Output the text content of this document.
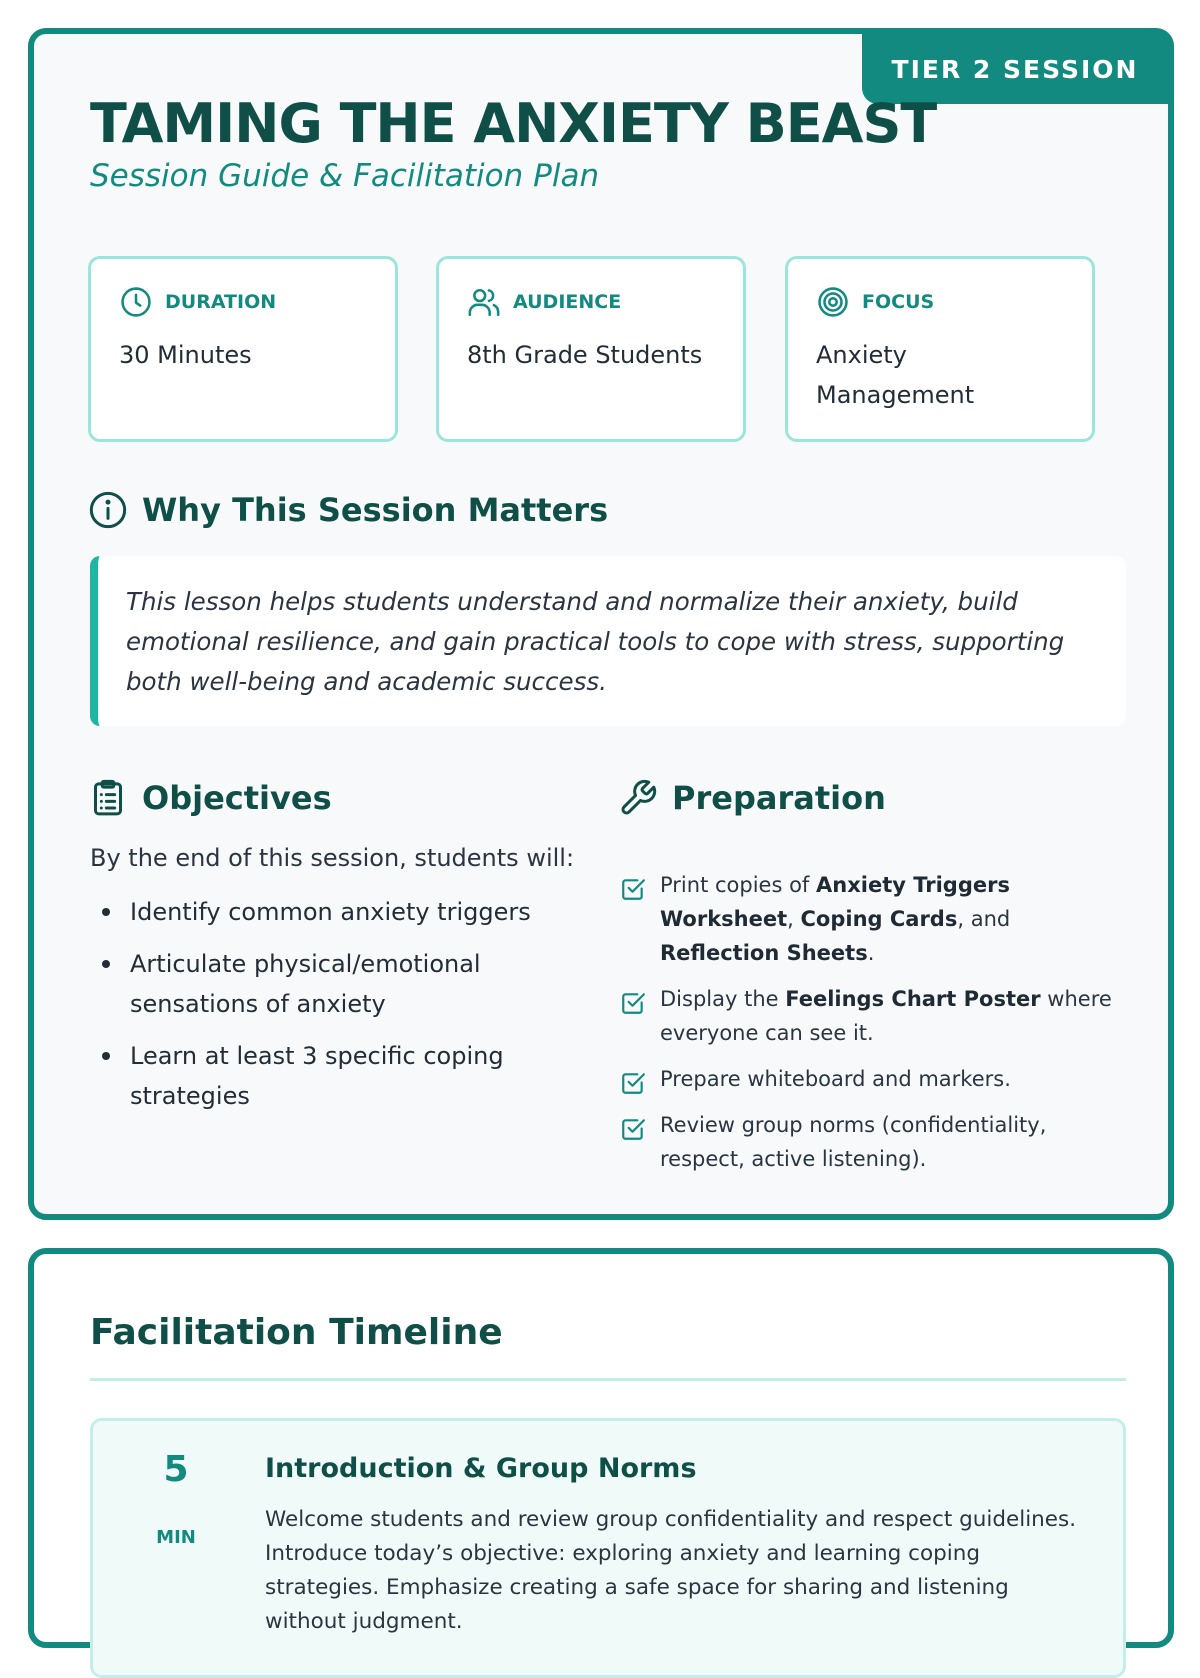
TIER 2 SESSION
TAMING THE ANXIETY BEAST
Session Guide & Facilitation Plan
DURATION
30 Minutes
AUDIENCE
8th Grade Students
FOCUS
Anxiety Management
Why This Session Matters

This lesson helps students understand and normalize their anxiety, build emotional resilience, and gain practical tools to cope with stress, supporting both well-being and academic success.

Objectives
By the end of this session, students will:
Identify common anxiety triggers
Articulate physical/emotional sensations of anxiety
Learn at least 3 specific coping strategies
Preparation
Print copies of Anxiety Triggers Worksheet, Coping Cards, and Reflection Sheets.
Display the Feelings Chart Poster where everyone can see it.
Prepare whiteboard and markers.
Review group norms (confidentiality, respect, active listening).
Facilitation Timeline
5
MIN
Introduction & Group Norms

Welcome students and review group confidentiality and respect guidelines. Introduce today’s objective: exploring anxiety and learning coping strategies. Emphasize creating a safe space for sharing and listening without judgment.
